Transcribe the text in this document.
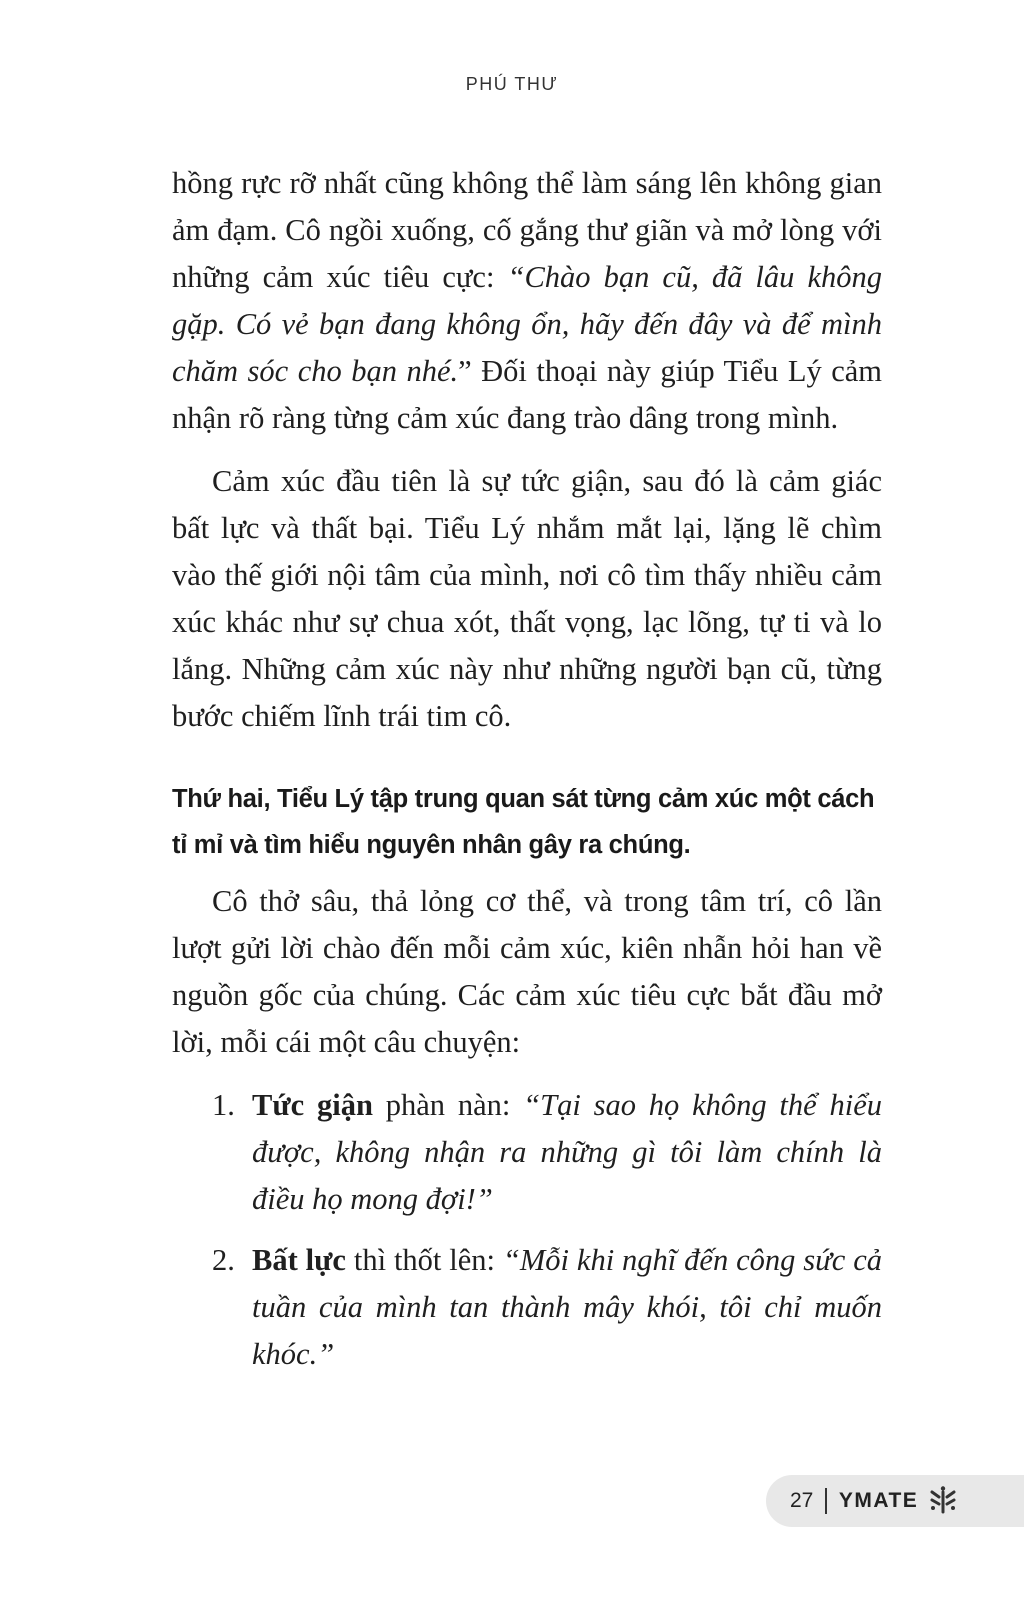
PHÚ THƯ

hồng rực rỡ nhất cũng không thể làm sáng lên không gian ảm đạm. Cô ngồi xuống, cố gắng thư giãn và mở lòng với những cảm xúc tiêu cực: “Chào bạn cũ, đã lâu không gặp. Có vẻ bạn đang không ổn, hãy đến đây và để mình chăm sóc cho bạn nhé.” Đối thoại này giúp Tiểu Lý cảm nhận rõ ràng từng cảm xúc đang trào dâng trong mình.

Cảm xúc đầu tiên là sự tức giận, sau đó là cảm giác bất lực và thất bại. Tiểu Lý nhắm mắt lại, lặng lẽ chìm vào thế giới nội tâm của mình, nơi cô tìm thấy nhiều cảm xúc khác như sự chua xót, thất vọng, lạc lõng, tự ti và lo lắng. Những cảm xúc này như những người bạn cũ, từng bước chiếm lĩnh trái tim cô.

Thứ hai, Tiểu Lý tập trung quan sát từng cảm xúc một cách tỉ mỉ và tìm hiểu nguyên nhân gây ra chúng.

Cô thở sâu, thả lỏng cơ thể, và trong tâm trí, cô lần lượt gửi lời chào đến mỗi cảm xúc, kiên nhẫn hỏi han về nguồn gốc của chúng. Các cảm xúc tiêu cực bắt đầu mở lời, mỗi cái một câu chuyện:

1. Tức giận phàn nàn: “Tại sao họ không thể hiểu được, không nhận ra những gì tôi làm chính là điều họ mong đợi!”
2. Bất lực thì thốt lên: “Mỗi khi nghĩ đến công sức cả tuần của mình tan thành mây khói, tôi chỉ muốn khóc.”
27 YMATE
